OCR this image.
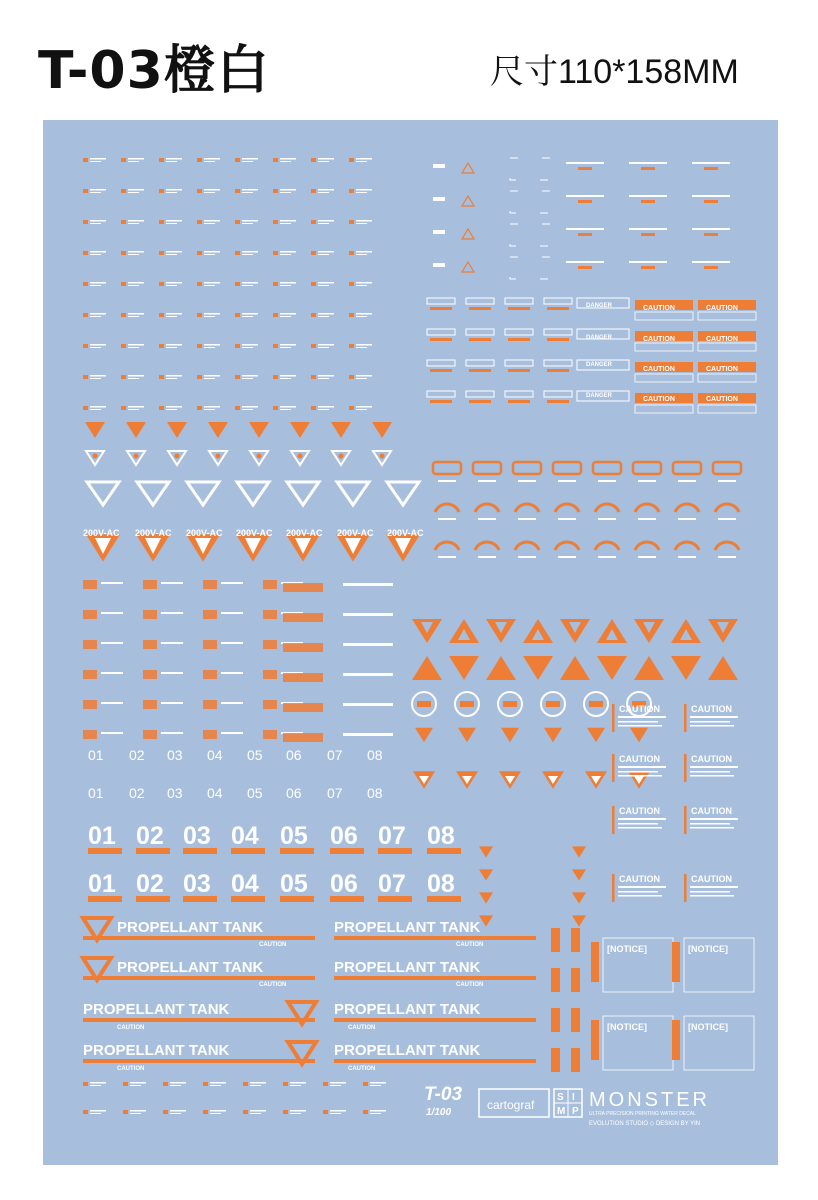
T-03橙白	尺寸110*158MM
200V-AC 200V-AC 200V-AC 200V-AC 200V-AC 200V-AC 200V-AC
01 02 03 04 05 06 07 08
01 02 03 04 05 06 07 08
01 02 03 04 05 06 07 08
01 02 03 04 05 06 07 08
CAUTION	CAUTION
CAUTION	CAUTION
CAUTION	CAUTION
CAUTION	CAUTION
CAUTION	CAUTION
CAUTION	CAUTION
CAUTION	CAUTION
CAUTION	CAUTION
DANGER
DANGER
DANGER
DANGER
[NOTICE]	[NOTICE]
[NOTICE]	[NOTICE]
PROPELLANT TANK	PROPELLANT TANK
PROPELLANT TANK	PROPELLANT TANK
PROPELLANT TANK	PROPELLANT TANK
PROPELLANT TANK	PROPELLANT TANK
CAUTION	CAUTION
CAUTION	CAUTION
CAUTION	CAUTION
CAUTION	CAUTION
T-03
1/100
cartograf
S I
M P
MONSTER
ULTRA PRECISION PRINTING WATER DECAL
EVOLUTION STUDIO ◇ DESIGN BY YIN
